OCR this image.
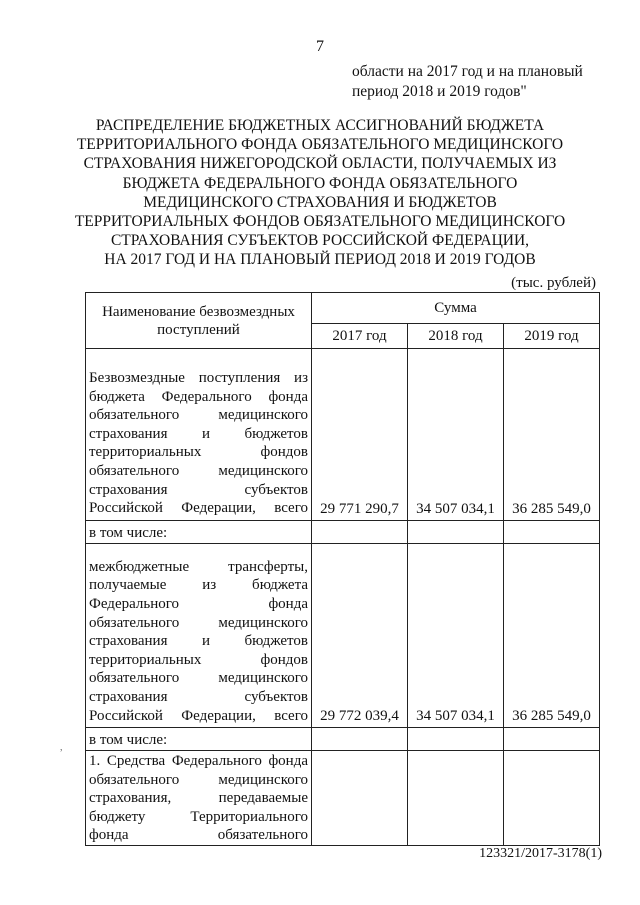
7
области на 2017 год и на плановый
период 2018 и 2019 годов"
РАСПРЕДЕЛЕНИЕ БЮДЖЕТНЫХ АССИГНОВАНИЙ БЮДЖЕТА
ТЕРРИТОРИАЛЬНОГО ФОНДА ОБЯЗАТЕЛЬНОГО МЕДИЦИНСКОГО
СТРАХОВАНИЯ НИЖЕГОРОДСКОЙ ОБЛАСТИ, ПОЛУЧАЕМЫХ ИЗ
БЮДЖЕТА ФЕДЕРАЛЬНОГО ФОНДА ОБЯЗАТЕЛЬНОГО
МЕДИЦИНСКОГО СТРАХОВАНИЯ И БЮДЖЕТОВ
ТЕРРИТОРИАЛЬНЫХ ФОНДОВ ОБЯЗАТЕЛЬНОГО МЕДИЦИНСКОГО
СТРАХОВАНИЯ СУБЪЕКТОВ РОССИЙСКОЙ ФЕДЕРАЦИИ,
НА 2017 ГОД И НА ПЛАНОВЫЙ ПЕРИОД 2018 И 2019 ГОДОВ
(тыс. рублей)
Наименование безвозмездных поступлений	Сумма		
	2017 год	2018 год	2019 год
Безвозмездные поступления из бюджета Федерального фонда обязательного медицинского страхования и бюджетов территориальных фондов обязательного медицинского страхования субъектов Российской Федерации, всего	29 771 290,7	34 507 034,1	36 285 549,0
в том числе:			
межбюджетные трансферты, получаемые из бюджета Федерального фонда обязательного медицинского страхования и бюджетов территориальных фондов обязательного медицинского страхования субъектов Российской Федерации, всего	29 772 039,4	34 507 034,1	36 285 549,0
в том числе:			
1. Средства Федерального фонда обязательного медицинского страхования, передаваемые бюджету Территориального фонда обязательного			
,
123321/2017-3178(1)
